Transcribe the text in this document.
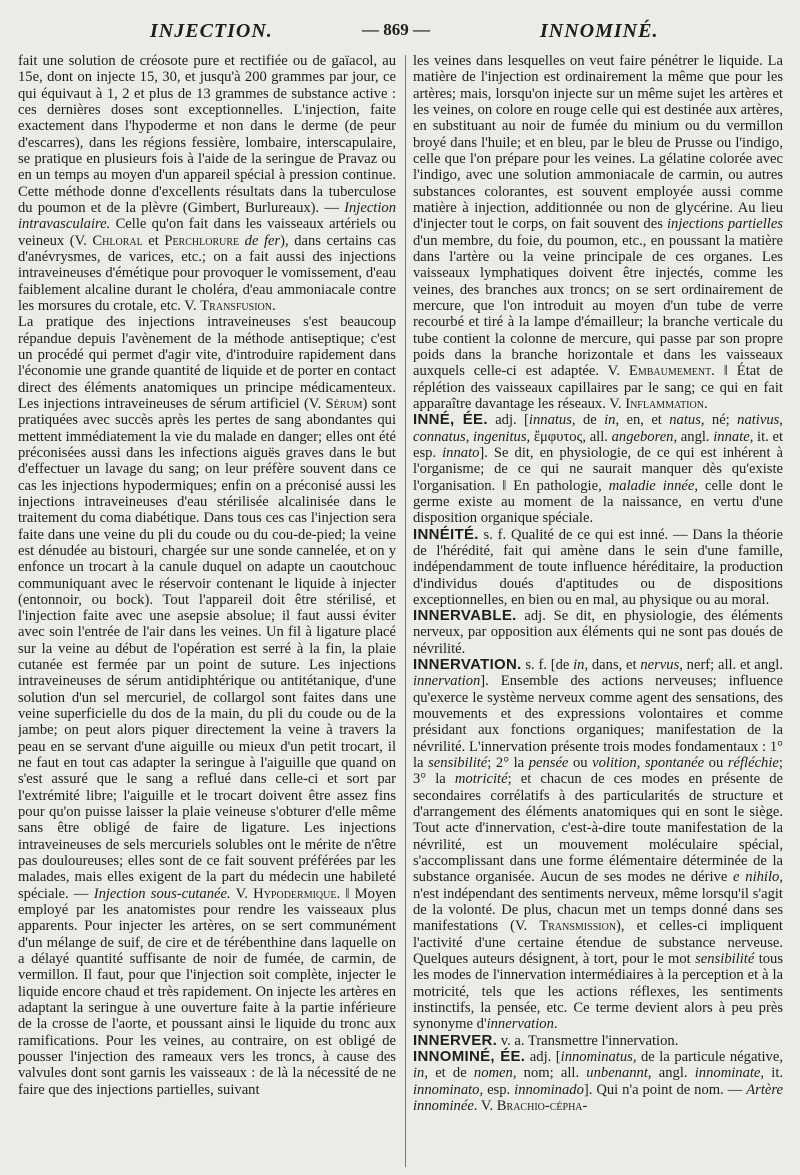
INJECTION.	— 869 —	INNOMINÉ.

fait une solution de créosote pure et rectifiée ou de gaïacol, au 15e, dont on injecte 15, 30, et jusqu'à 200 grammes par jour, ce qui équivaut à 1, 2 et plus de 13 grammes de substance active : ces dernières doses sont exceptionnelles. L'injection, faite exactement dans l'hypoderme et non dans le derme (de peur d'escarres), dans les régions fessière, lombaire, interscapulaire, se pratique en plusieurs fois à l'aide de la seringue de Pravaz ou en un temps au moyen d'un appareil spécial à pression continue. Cette méthode donne d'excellents résultats dans la tuberculose du poumon et de la plèvre (Gimbert, Burlureaux). — Injection intravasculaire. Celle qu'on fait dans les vaisseaux artériels ou veineux (V. Chloral et Perchlorure de fer), dans certains cas d'anévrysmes, de varices, etc.; on a fait aussi des injections intraveineuses d'émétique pour provoquer le vomissement, d'eau faiblement alcaline durant le choléra, d'eau ammoniacale contre les morsures du crotale, etc. V. Transfusion.

La pratique des injections intraveineuses s'est beaucoup répandue depuis l'avènement de la méthode antiseptique; c'est un procédé qui permet d'agir vite, d'introduire rapidement dans l'économie une grande quantité de liquide et de porter en contact direct des éléments anatomiques un principe médicamenteux. Les injections intraveineuses de sérum artificiel (V. Sérum) sont pratiquées avec succès après les pertes de sang abondantes qui mettent immédiatement la vie du malade en danger; elles ont été préconisées aussi dans les infections aiguës graves dans le but d'effectuer un lavage du sang; on leur préfère souvent dans ce cas les injections hypodermiques; enfin on a préconisé aussi les injections intraveineuses d'eau stérilisée alcalinisée dans le traitement du coma diabétique. Dans tous ces cas l'injection sera faite dans une veine du pli du coude ou du cou-de-pied; la veine est dénudée au bistouri, chargée sur une sonde cannelée, et on y enfonce un trocart à la canule duquel on adapte un caoutchouc communiquant avec le réservoir contenant le liquide à injecter (entonnoir, ou bock). Tout l'appareil doit être stérilisé, et l'injection faite avec une asepsie absolue; il faut aussi éviter avec soin l'entrée de l'air dans les veines. Un fil à ligature placé sur la veine au début de l'opération est serré à la fin, la plaie cutanée est fermée par un point de suture. Les injections intraveineuses de sérum antidiphtérique ou antitétanique, d'une solution d'un sel mercuriel, de collargol sont faites dans une veine superficielle du dos de la main, du pli du coude ou de la jambe; on peut alors piquer directement la veine à travers la peau en se servant d'une aiguille ou mieux d'un petit trocart, il ne faut en tout cas adapter la seringue à l'aiguille que quand on s'est assuré que le sang a reflué dans celle-ci et sort par l'extrémité libre; l'aiguille et le trocart doivent être assez fins pour qu'on puisse laisser la plaie veineuse s'obturer d'elle même sans être obligé de faire de ligature. Les injections intraveineuses de sels mercuriels solubles ont le mérite de n'être pas douloureuses; elles sont de ce fait souvent préférées par les malades, mais elles exigent de la part du médecin une habileté spéciale. — Injection sous-cutanée. V. Hypodermique. ‖ Moyen employé par les anatomistes pour rendre les vaisseaux plus apparents. Pour injecter les artères, on se sert communément d'un mélange de suif, de cire et de térébenthine dans laquelle on a délayé quantité suffisante de noir de fumée, de carmin, de vermillon. Il faut, pour que l'injection soit complète, injecter le liquide encore chaud et très rapidement. On injecte les artères en adaptant la seringue à une ouverture faite à la partie inférieure de la crosse de l'aorte, et poussant ainsi le liquide du tronc aux ramifications. Pour les veines, au contraire, on est obligé de pousser l'injection des rameaux vers les troncs, à cause des valvules dont sont garnis les vaisseaux : de là la nécessité de ne faire que des injections partielles, suivant

les veines dans lesquelles on veut faire pénétrer le liquide. La matière de l'injection est ordinairement la même que pour les artères; mais, lorsqu'on injecte sur un même sujet les artères et les veines, on colore en rouge celle qui est destinée aux artères, en substituant au noir de fumée du minium ou du vermillon broyé dans l'huile; et en bleu, par le bleu de Prusse ou l'indigo, celle que l'on prépare pour les veines. La gélatine colorée avec l'indigo, avec une solution ammoniacale de carmin, ou autres substances colorantes, est souvent employée aussi comme matière à injection, additionnée ou non de glycérine. Au lieu d'injecter tout le corps, on fait souvent des injections partielles d'un membre, du foie, du poumon, etc., en poussant la matière dans l'artère ou la veine principale de ces organes. Les vaisseaux lymphatiques doivent être injectés, comme les veines, des branches aux troncs; on se sert ordinairement de mercure, que l'on introduit au moyen d'un tube de verre recourbé et tiré à la lampe d'émailleur; la branche verticale du tube contient la colonne de mercure, qui passe par son propre poids dans la branche horizontale et dans les vaisseaux auxquels celle-ci est adaptée. V. Embaumement. ‖ État de réplétion des vaisseaux capillaires par le sang; ce qui en fait apparaître davantage les réseaux. V. Inflammation.

INNÉ, ÉE. adj. [innatus, de in, en, et natus, né; nativus, connatus, ingenitus, ἔμφυτος, all. angeboren, angl. innate, it. et esp. innato]. Se dit, en physiologie, de ce qui est inhérent à l'organisme; de ce qui ne saurait manquer dès qu'existe l'organisation. ‖ En pathologie, maladie innée, celle dont le germe existe au moment de la naissance, en vertu d'une disposition organique spéciale.

INNÉITÉ. s. f. Qualité de ce qui est inné. — Dans la théorie de l'hérédité, fait qui amène dans le sein d'une famille, indépendamment de toute influence héréditaire, la production d'individus doués d'aptitudes ou de dispositions exceptionnelles, en bien ou en mal, au physique ou au moral.

INNERVABLE. adj. Se dit, en physiologie, des éléments nerveux, par opposition aux éléments qui ne sont pas doués de névrilité.

INNERVATION. s. f. [de in, dans, et nervus, nerf; all. et angl. innervation]. Ensemble des actions nerveuses; influence qu'exerce le système nerveux comme agent des sensations, des mouvements et des expressions volontaires et comme présidant aux fonctions organiques; manifestation de la névrilité. L'innervation présente trois modes fondamentaux : 1° la sensibilité; 2° la pensée ou volition, spontanée ou réfléchie; 3° la motricité; et chacun de ces modes en présente de secondaires corrélatifs à des particularités de structure et d'arrangement des éléments anatomiques qui en sont le siège. Tout acte d'innervation, c'est-à-dire toute manifestation de la névrilité, est un mouvement moléculaire spécial, s'accomplissant dans une forme élémentaire déterminée de la substance organisée. Aucun de ses modes ne dérive e nihilo, n'est indépendant des sentiments nerveux, même lorsqu'il s'agit de la volonté. De plus, chacun met un temps donné dans ses manifestations (V. Transmission), et celles-ci impliquent l'activité d'une certaine étendue de substance nerveuse. Quelques auteurs désignent, à tort, pour le mot sensibilité tous les modes de l'innervation intermédiaires à la perception et à la motricité, tels que les actions réflexes, les sentiments instinctifs, la pensée, etc. Ce terme devient alors à peu près synonyme d'innervation.

INNERVER. v. a. Transmettre l'innervation.

INNOMINÉ, ÉE. adj. [innominatus, de la particule négative, in, et de nomen, nom; all. unbenannt, angl. innominate, it. innominato, esp. innominado]. Qui n'a point de nom. — Artère innominée. V. Brachio-cépha-
